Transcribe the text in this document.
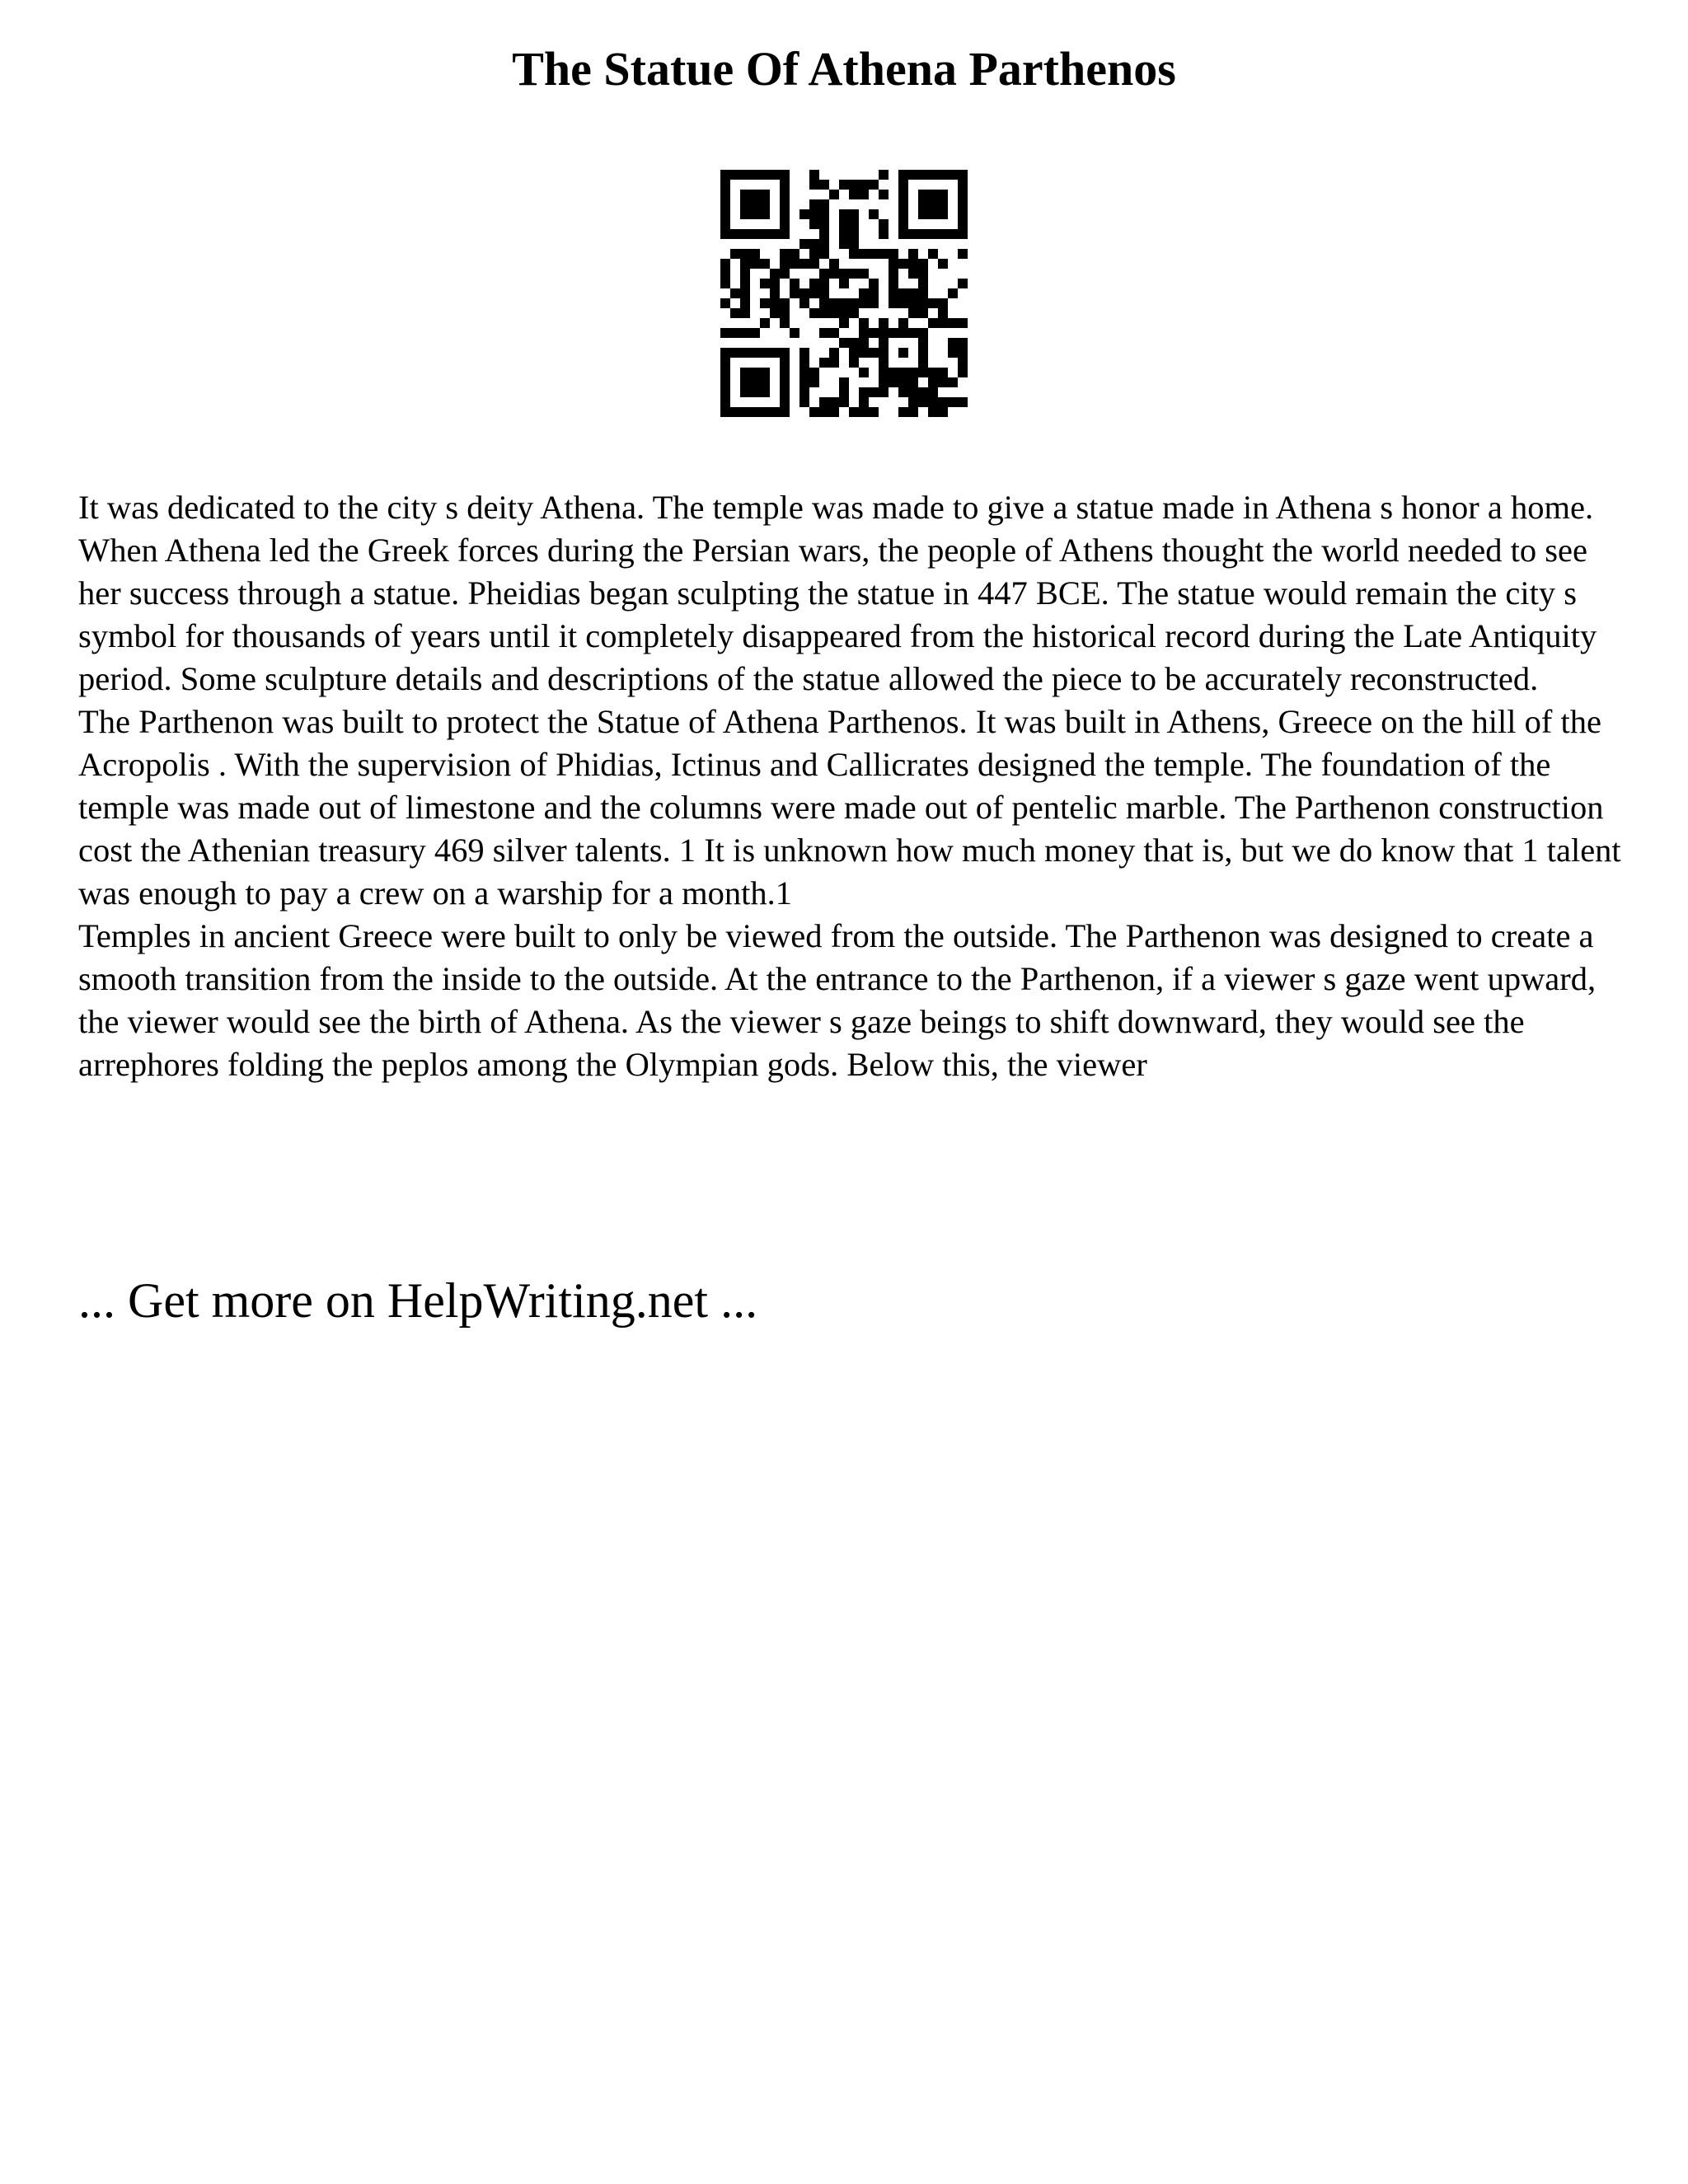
The Statue Of Athena Parthenos

It was dedicated to the city s deity Athena. The temple was made to give a statue made in Athena s honor a home. When Athena led the Greek forces during the Persian wars, the people of Athens thought the world needed to see her success through a statue. Pheidias began sculpting the statue in 447 BCE. The statue would remain the city s symbol for thousands of years until it completely disappeared from the historical record during the Late Antiquity period. Some sculpture details and descriptions of the statue allowed the piece to be accurately reconstructed.

The Parthenon was built to protect the Statue of Athena Parthenos. It was built in Athens, Greece on the hill of the Acropolis . With the supervision of Phidias, Ictinus and Callicrates designed the temple. The foundation of the temple was made out of limestone and the columns were made out of pentelic marble. The Parthenon construction cost the Athenian treasury 469 silver talents. 1 It is unknown how much money that is, but we do know that 1 talent was enough to pay a crew on a warship for a month.1

Temples in ancient Greece were built to only be viewed from the outside. The Parthenon was designed to create a smooth transition from the inside to the outside. At the entrance to the Parthenon, if a viewer s gaze went upward, the viewer would see the birth of Athena. As the viewer s gaze beings to shift downward, they would see the arrephores folding the peplos among the Olympian gods. Below this, the viewer

... Get more on HelpWriting.net ...
